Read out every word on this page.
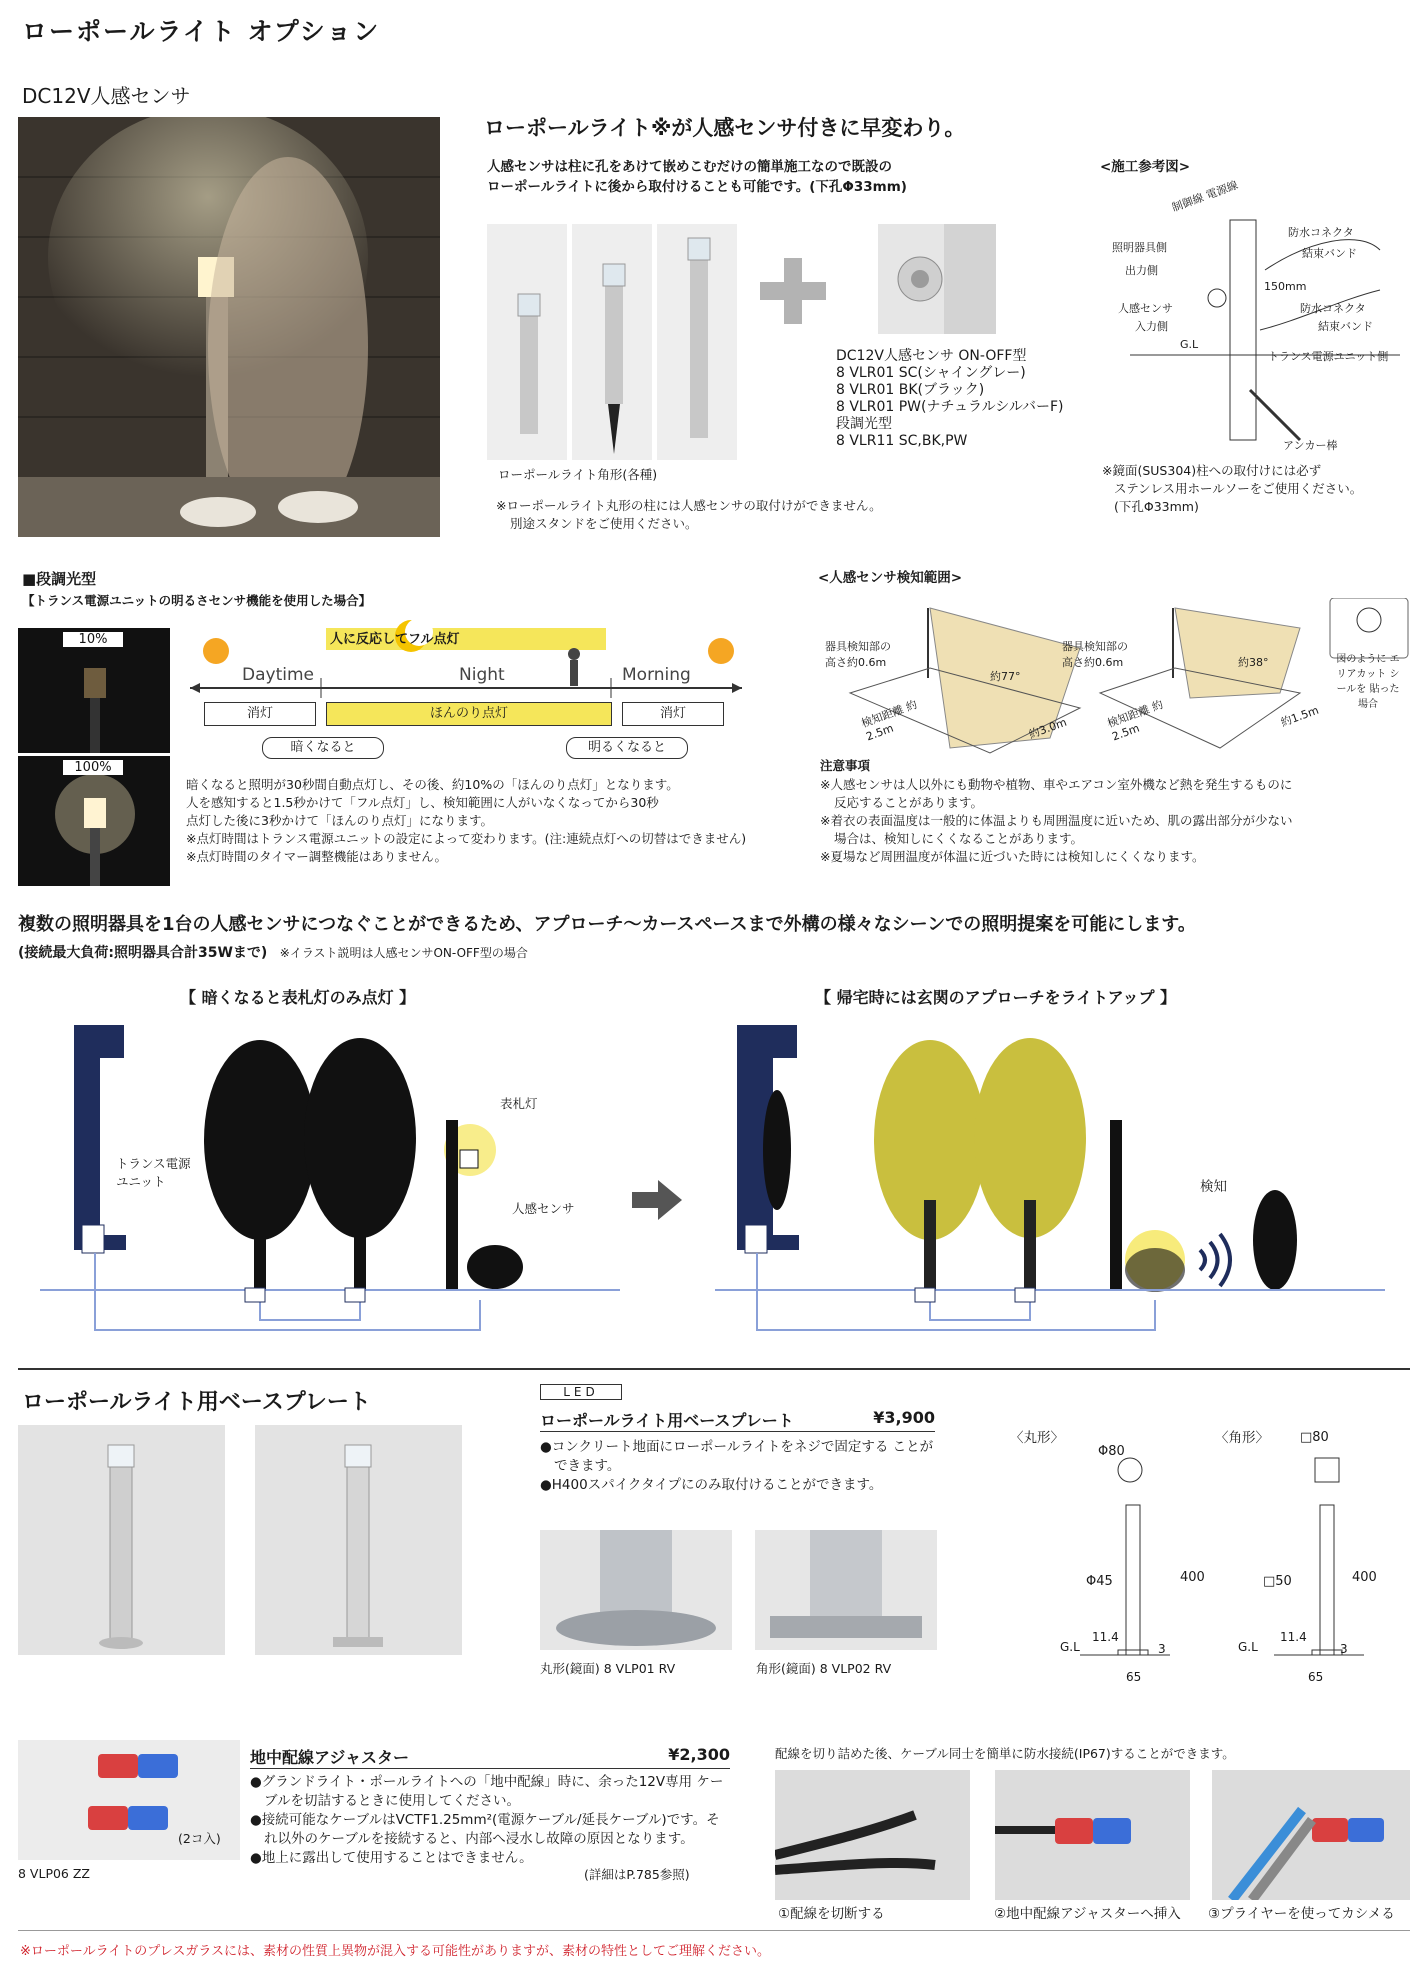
ローポールライト オプション
DC12V人感センサ
ローポールライト※が人感センサ付きに早変わり。
人感センサは柱に孔をあけて嵌めこむだけの簡単施工なので既設の
ローポールライトに後から取付けることも可能です。(下孔Φ33mm)
ローポールライト角形(各種)
※ローポールライト丸形の柱には人感センサの取付けができません。
別途スタンドをご使用ください。
DC12V人感センサ ON-OFF型
8 VLR01 SC(シャイングレー)
8 VLR01 BK(ブラック)
8 VLR01 PW(ナチュラルシルバーF)
段調光型
8 VLR11 SC,BK,PW
<施工参考図>
照明器具側
出力側
人感センサ
入力側
防水コネクタ
結束バンド
防水コネクタ
結束バンド
150mm
トランス電源ユニット側
G.L
アンカー棒
制御線 電源線
※鏡面(SUS304)柱への取付けには必ず
ステンレス用ホールソーをご使用ください。
(下孔Φ33mm)
■段調光型
【トランス電源ユニットの明るさセンサ機能を使用した場合】
10%
100%
人に反応してフル点灯
Daytime	Night	Morning
消灯	ほんのり点灯	消灯
暗くなると	明るくなると
暗くなると照明が30秒間自動点灯し、その後、約10%の「ほんのり点灯」となります。
人を感知すると1.5秒かけて「フル点灯」し、検知範囲に人がいなくなってから30秒
点灯した後に3秒かけて「ほんのり点灯」になります。
※点灯時間はトランス電源ユニットの設定によって変わります。(注:連続点灯への切替はできません)
※点灯時間のタイマー調整機能はありません。
<人感センサ検知範囲>
器具検知部の高さ約0.6m
約77°
検知距離 約2.5m	約3.0m
器具検知部の高さ約0.6m	約38°
検知距離 約2.5m
約1.5m
図のように エリアカット シールを 貼った場合
注意事項
※人感センサは人以外にも動物や植物、車やエアコン室外機など熱を発生するものに
反応することがあります。
※着衣の表面温度は一般的に体温よりも周囲温度に近いため、肌の露出部分が少ない
場合は、検知しにくくなることがあります。
※夏場など周囲温度が体温に近づいた時には検知しにくくなります。
複数の照明器具を1台の人感センサにつなぐことができるため、アプローチ～カースペースまで外構の様々なシーンでの照明提案を可能にします。
(接続最大負荷:照明器具合計35Wまで) ※イラスト説明は人感センサON-OFF型の場合
【 暗くなると表札灯のみ点灯 】	【 帰宅時には玄関のアプローチをライトアップ 】
トランス電源 ユニット
表札灯
人感センサ
検知
ローポールライト用ベースプレート	LED
ローポールライト用ベースプレート	¥3,900
●コンクリート地面にローポールライトをネジで固定する ことができます。
●H400スパイクタイプにのみ取付けることができます。
丸形(鏡面) 8 VLP01 RV	角形(鏡面) 8 VLP02 RV
〈丸形〉	〈角形〉
Φ80
□80
Φ45	□50
400	400
11.4	11.4
G.L	G.L
3	3
65	65
(2コ入)
8 VLP06 ZZ
地中配線アジャスター	¥2,300
●グランドライト・ポールライトへの「地中配線」時に、余った12V専用 ケーブルを切詰するときに使用してください。
●接続可能なケーブルはVCTF1.25mm²(電源ケーブル/延長ケーブル)です。それ以外のケーブルを接続すると、内部へ浸水し故障の原因となります。
●地上に露出して使用することはできません。
(詳細はP.785参照)
配線を切り詰めた後、ケーブル同士を簡単に防水接続(IP67)することができます。
①配線を切断する	②地中配線アジャスターへ挿入 ③プライヤーを使ってカシメる
※ローポールライトのプレスガラスには、素材の性質上異物が混入する可能性がありますが、素材の特性としてご理解ください。
